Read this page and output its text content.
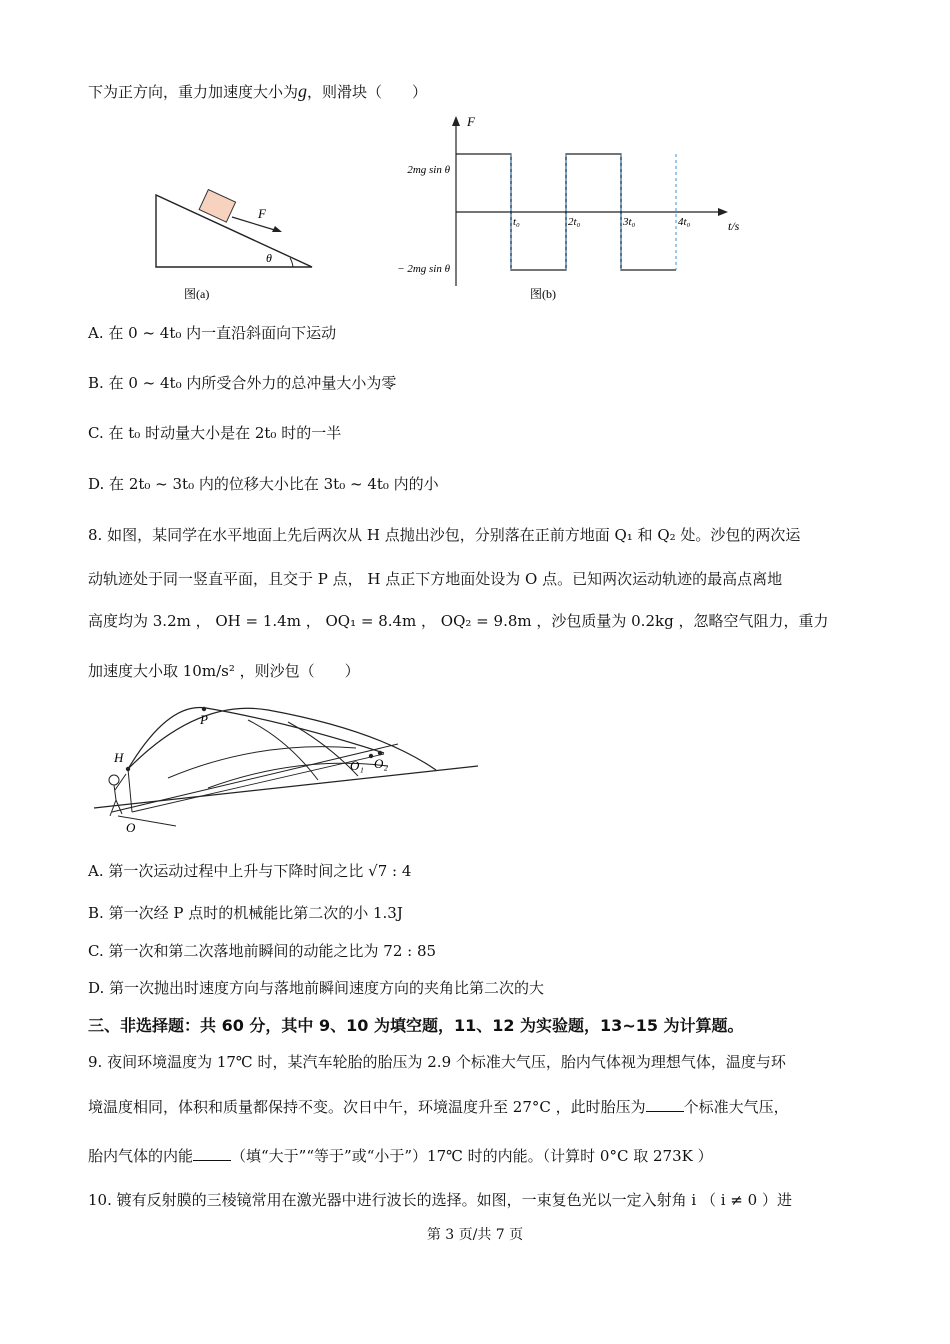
下为正方向，重力加速度大小为g，则滑块（　　）
F
θ
图(a)
F
t/s
2mg sin θ
− 2mg sin θ
t₀	2t₀	3t₀	4t₀
图(b)
A. 在 0 ~ 4t₀ 内一直沿斜面向下运动
B. 在 0 ~ 4t₀ 内所受合外力的总冲量大小为零
C. 在 t₀ 时动量大小是在 2t₀ 时的一半
D. 在 2t₀ ~ 3t₀ 内的位移大小比在 3t₀ ~ 4t₀ 内的小
8. 如图，某同学在水平地面上先后两次从 H 点抛出沙包，分别落在正前方地面 Q₁ 和 Q₂ 处。沙包的两次运
动轨迹处于同一竖直平面，且交于 P 点， H 点正下方地面处设为 O 点。已知两次运动轨迹的最高点离地
高度均为 3.2m ， OH = 1.4m ， OQ₁ = 8.4m ， OQ₂ = 9.8m ，沙包质量为 0.2kg ，忽略空气阻力，重力
加速度大小取 10m/s² ，则沙包（　　）
P
H
O
O₁ O₂
A. 第一次运动过程中上升与下降时间之比 √7 : 4
B. 第一次经 P 点时的机械能比第二次的小 1.3J
C. 第一次和第二次落地前瞬间的动能之比为 72 : 85
D. 第一次抛出时速度方向与落地前瞬间速度方向的夹角比第二次的大
三、非选择题：共 60 分，其中 9、10 为填空题，11、12 为实验题，13~15 为计算题。
9. 夜间环境温度为 17℃ 时，某汽车轮胎的胎压为 2.9 个标准大气压，胎内气体视为理想气体，温度与环
境温度相同，体积和质量都保持不变。次日中午，环境温度升至 27°C ，此时胎压为	个标准大气压，
胎内气体的内能	（填“大于”“等于”或“小于”）17℃ 时的内能。（计算时 0°C 取 273K ）
10. 镀有反射膜的三棱镜常用在激光器中进行波长的选择。如图，一束复色光以一定入射角 i （ i ≠ 0 ）进
第 3 页/共 7 页
